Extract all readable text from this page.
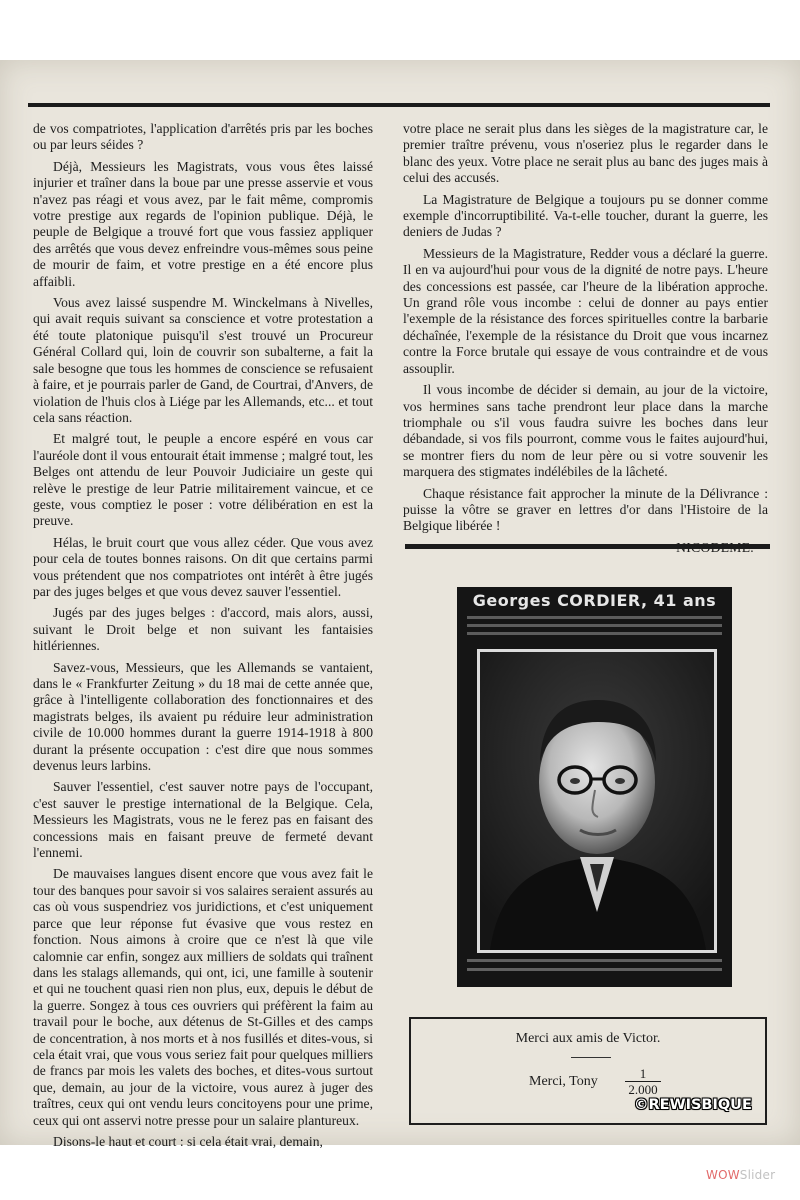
de vos compatriotes, l'application d'arrêtés pris par les boches ou par leurs séides ?

Déjà, Messieurs les Magistrats, vous vous êtes laissé injurier et traîner dans la boue par une presse asservie et vous n'avez pas réagi et vous avez, par le fait même, compromis votre prestige aux regards de l'opinion publique. Déjà, le peuple de Belgique a trouvé fort que vous fassiez appliquer des arrêtés que vous devez enfreindre vous-mêmes sous peine de mourir de faim, et votre prestige en a été encore plus affaibli.

Vous avez laissé suspendre M. Winckelmans à Nivelles, qui avait requis suivant sa conscience et votre protestation a été toute platonique puisqu'il s'est trouvé un Procureur Général Collard qui, loin de couvrir son subalterne, a fait la sale besogne que tous les hommes de conscience se refusaient à faire, et je pourrais parler de Gand, de Courtrai, d'Anvers, de violation de l'huis clos à Liége par les Allemands, etc... et tout cela sans réaction.

Et malgré tout, le peuple a encore espéré en vous car l'auréole dont il vous entourait était immense ; malgré tout, les Belges ont attendu de leur Pouvoir Judiciaire un geste qui relève le prestige de leur Patrie militairement vaincue, et ce geste, vous comptiez le poser : votre délibération en est la preuve.

Hélas, le bruit court que vous allez céder. Que vous avez pour cela de toutes bonnes raisons. On dit que certains parmi vous prétendent que nos compatriotes ont intérêt à être jugés par des juges belges et que vous devez sauver l'essentiel.

Jugés par des juges belges : d'accord, mais alors, aussi, suivant le Droit belge et non suivant les fantaisies hitlériennes.

Savez-vous, Messieurs, que les Allemands se vantaient, dans le « Frankfurter Zeitung » du 18 mai de cette année que, grâce à l'intelligente collaboration des fonctionnaires et des magistrats belges, ils avaient pu réduire leur administration civile de 10.000 hommes durant la guerre 1914-1918 à 800 durant la présente occupation : c'est dire que nous sommes devenus leurs larbins.

Sauver l'essentiel, c'est sauver notre pays de l'occupant, c'est sauver le prestige international de la Belgique. Cela, Messieurs les Magistrats, vous ne le ferez pas en faisant des concessions mais en faisant preuve de fermeté devant l'ennemi.

De mauvaises langues disent encore que vous avez fait le tour des banques pour savoir si vos salaires seraient assurés au cas où vous suspendriez vos juridictions, et c'est uniquement parce que leur réponse fut évasive que vous restez en fonction. Nous aimons à croire que ce n'est là que vile calomnie car enfin, songez aux milliers de soldats qui traînent dans les stalags allemands, qui ont, ici, une famille à soutenir et qui ne touchent quasi rien non plus, eux, depuis le début de la guerre. Songez à tous ces ouvriers qui préfèrent la faim au travail pour le boche, aux détenus de St-Gilles et des camps de concentration, à nos morts et à nos fusillés et dites-vous, si cela était vrai, que vous vous seriez fait pour quelques milliers de francs par mois les valets des boches, et dites-vous surtout que, demain, au jour de la victoire, vous aurez à juger des traîtres, ceux qui ont vendu leurs concitoyens pour une prime, ceux qui ont asservi notre presse pour un salaire plantureux.

Disons-le haut et court : si cela était vrai, demain,

votre place ne serait plus dans les sièges de la magistrature car, le premier traître prévenu, vous n'oseriez plus le regarder dans le blanc des yeux. Votre place ne serait plus au banc des juges mais à celui des accusés.

La Magistrature de Belgique a toujours pu se donner comme exemple d'incorruptibilité. Va-t-elle toucher, durant la guerre, les deniers de Judas ?

Messieurs de la Magistrature, Redder vous a déclaré la guerre. Il en va aujourd'hui pour vous de la dignité de notre pays. L'heure des concessions est passée, car l'heure de la libération approche. Un grand rôle vous incombe : celui de donner au pays entier l'exemple de la résistance des forces spirituelles contre la barbarie déchaînée, l'exemple de la résistance du Droit que vous incarnez contre la Force brutale qui essaye de vous contraindre et de vous assouplir.

Il vous incombe de décider si demain, au jour de la victoire, vos hermines sans tache prendront leur place dans la marche triomphale ou s'il vous faudra suivre les boches dans leur débandade, si vos fils pourront, comme vous le faites aujourd'hui, se montrer fiers du nom de leur père ou si votre souvenir les marquera des stigmates indélébiles de la lâcheté.

Chaque résistance fait approcher la minute de la Délivrance : puisse la vôtre se graver en lettres d'or dans l'Histoire de la Belgique libérée !

Georges CORDIER, 41 ans
Merci aux amis de Victor.
Merci, Tony $\frac{1}{2.000}$
©REWISBIQUE
WOWSlider
